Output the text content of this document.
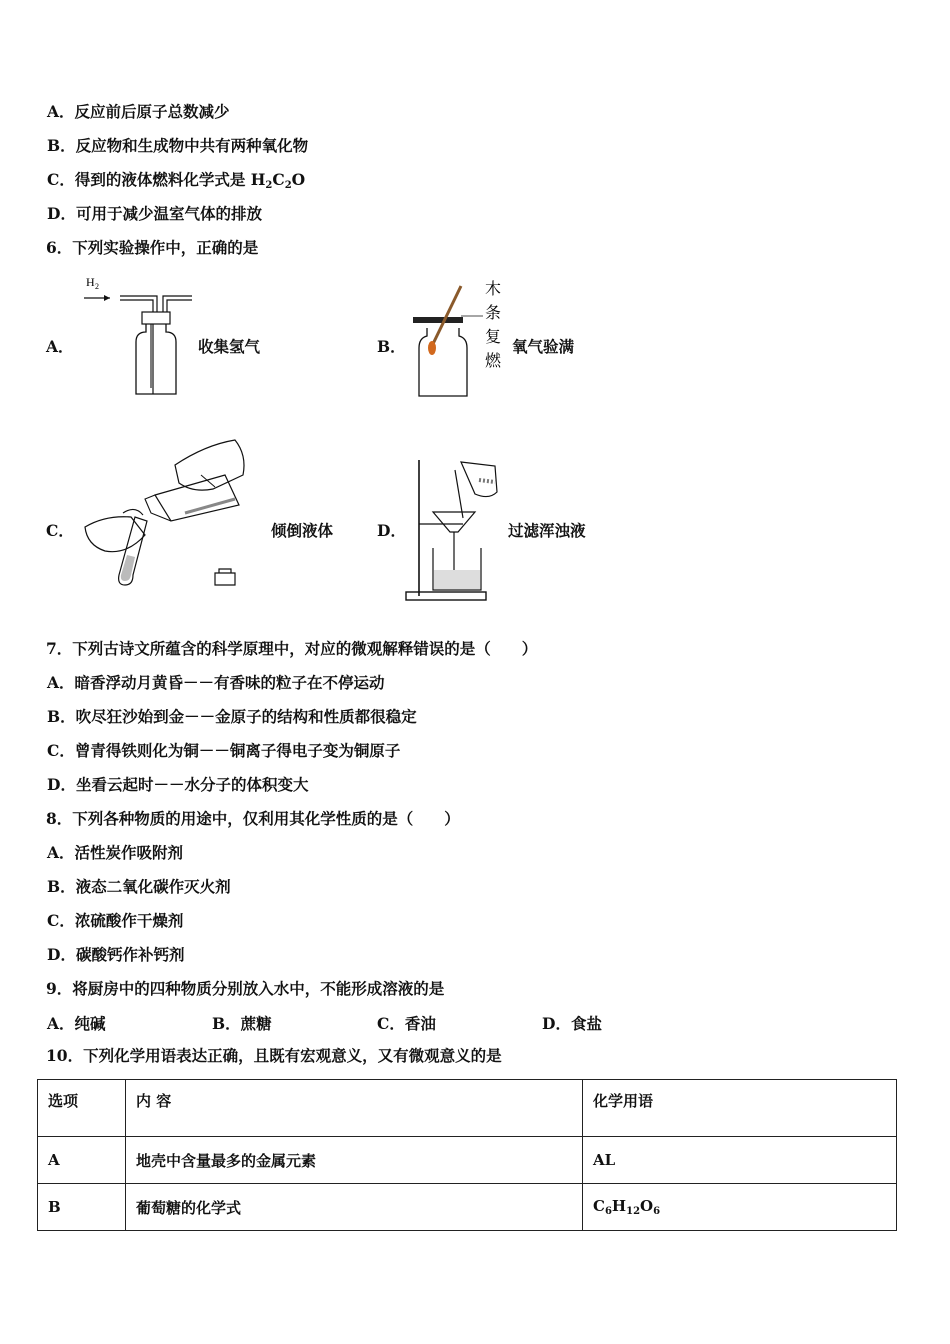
A．反应前后原子总数减少
B．反应物和生成物中共有两种氧化物
C．得到的液体燃料化学式是 $H_2C_2O$
D．可用于减少温室气体的排放
6．下列实验操作中，正确的是
A．
H 2
收集氢气	B．
木
条
复
燃
氧气验满
C．	倾倒液体	D．	过滤浑浊液
7．下列古诗文所蕴含的科学原理中，对应的微观解释错误的是（　　）
A．暗香浮动月黄昏－－有香味的粒子在不停运动
B．吹尽狂沙始到金－－金原子的结构和性质都很稳定
C．曾青得铁则化为铜－－铜离子得电子变为铜原子
D．坐看云起时－－水分子的体积变大
8．下列各种物质的用途中，仅利用其化学性质的是（　　）
A．活性炭作吸附剂
B．液态二氧化碳作灭火剂
C．浓硫酸作干燥剂
D．碳酸钙作补钙剂
9．将厨房中的四种物质分别放入水中，不能形成溶液的是
A．纯碱	B．蔗糖	C．香油	D．食盐
10．下列化学用语表达正确，且既有宏观意义，又有微观意义的是
选项	内 容	化学用语
A	地壳中含量最多的金属元素	AL
B	葡萄糖的化学式	$C_6H_{12}O_6$
